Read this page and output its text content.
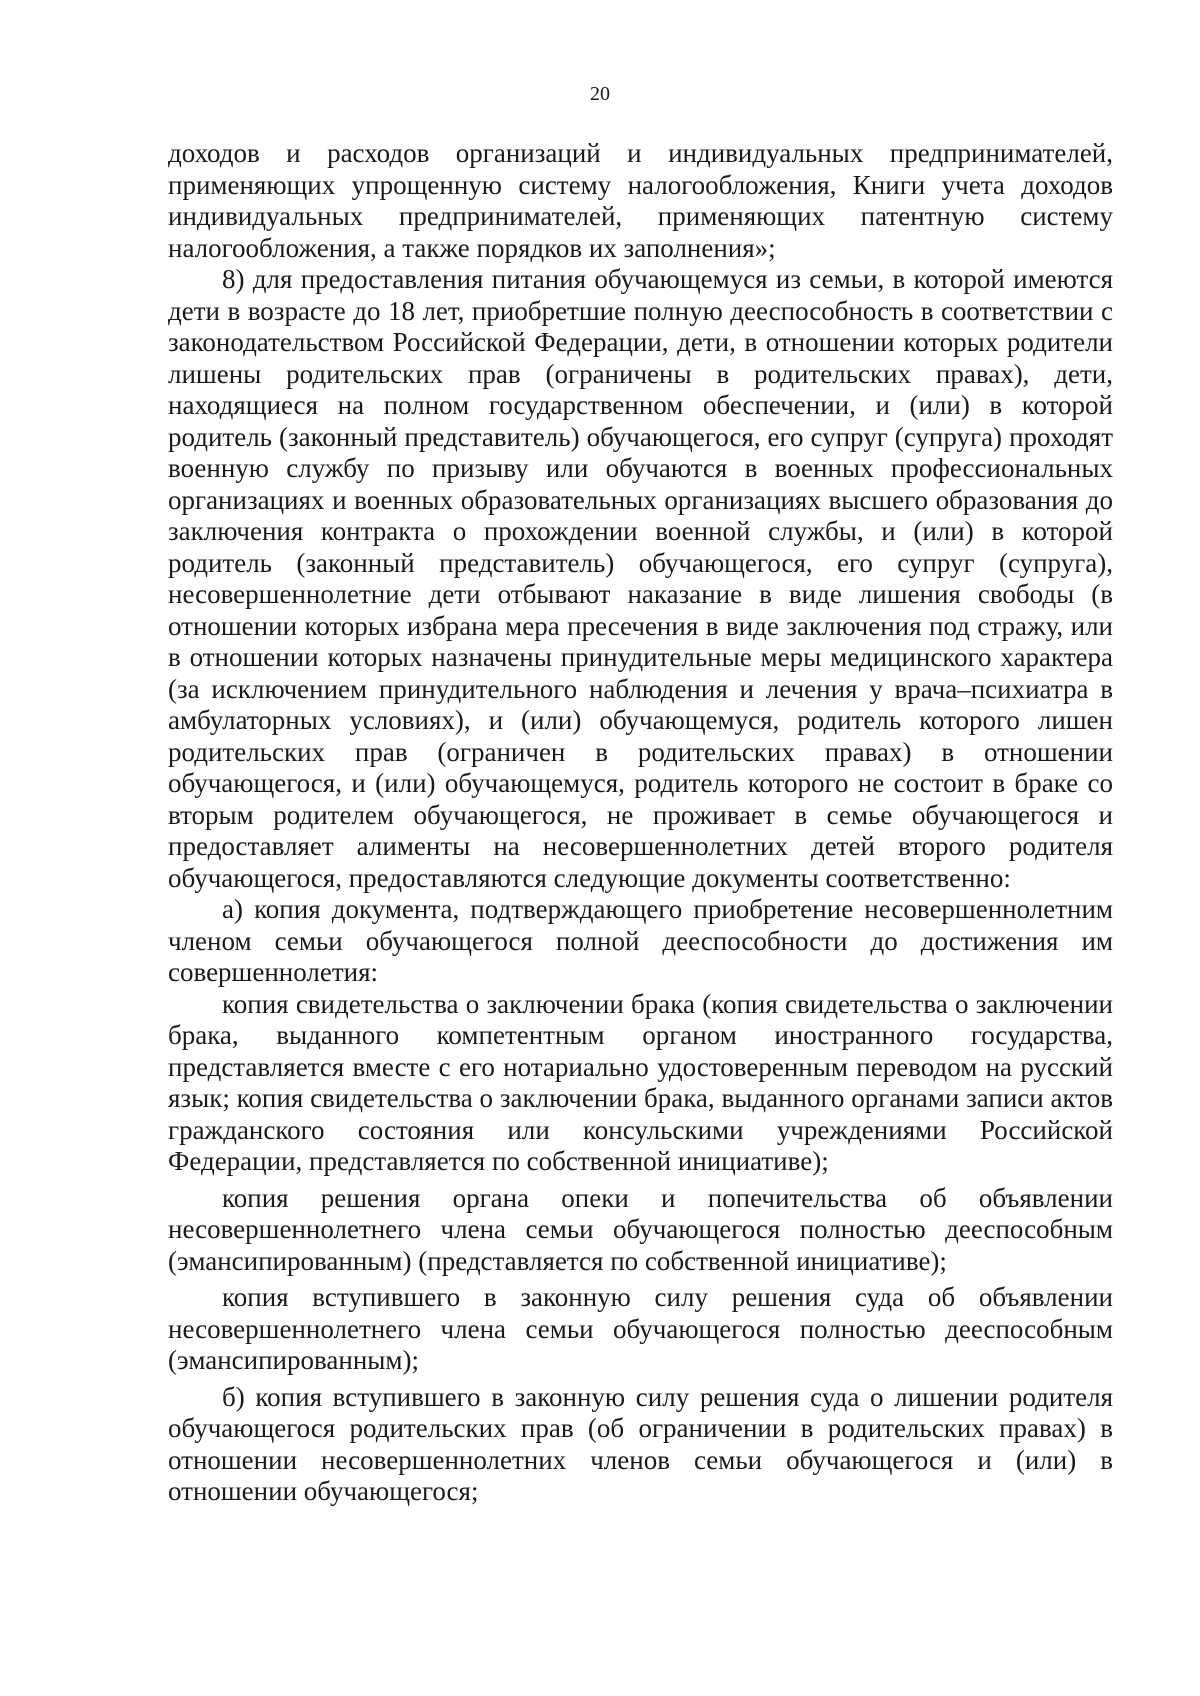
20

доходов и расходов организаций и индивидуальных предпринимателей, применяющих упрощенную систему налогообложения, Книги учета доходов индивидуальных предпринимателей, применяющих патентную систему налогообложения, а также порядков их заполнения»;

8) для предоставления питания обучающемуся из семьи, в которой имеются дети в возрасте до 18 лет, приобретшие полную дееспособность в соответствии с законодательством Российской Федерации, дети, в отношении которых родители лишены родительских прав (ограничены в родительских правах), дети, находящиеся на полном государственном обеспечении, и (или) в которой родитель (законный представитель) обучающегося, его супруг (супруга) проходят военную службу по призыву или обучаются в военных профессиональных организациях и военных образовательных организациях высшего образования до заключения контракта о прохождении военной службы, и (или) в которой родитель (законный представитель) обучающегося, его супруг (супруга), несовершеннолетние дети отбывают наказание в виде лишения свободы (в отношении которых избрана мера пресечения в виде заключения под стражу, или в отношении которых назначены принудительные меры медицинского характера (за исключением принудительного наблюдения и лечения у врача–психиатра в амбулаторных условиях), и (или) обучающемуся, родитель которого лишен родительских прав (ограничен в родительских правах) в отношении обучающегося, и (или) обучающемуся, родитель которого не состоит в браке со вторым родителем обучающегося, не проживает в семье обучающегося и предоставляет алименты на несовершеннолетних детей второго родителя обучающегося, предоставляются следующие документы соответственно:

а) копия документа, подтверждающего приобретение несовершеннолетним членом семьи обучающегося полной дееспособности до достижения им совершеннолетия:

копия свидетельства о заключении брака (копия свидетельства о заключении брака, выданного компетентным органом иностранного государства, представляется вместе с его нотариально удостоверенным переводом на русский язык; копия свидетельства о заключении брака, выданного органами записи актов гражданского состояния или консульскими учреждениями Российской Федерации, представляется по собственной инициативе);

копия решения органа опеки и попечительства об объявлении несовершеннолетнего члена семьи обучающегося полностью дееспособным (эмансипированным) (представляется по собственной инициативе);

копия вступившего в законную силу решения суда об объявлении несовершеннолетнего члена семьи обучающегося полностью дееспособным (эмансипированным);

б) копия вступившего в законную силу решения суда о лишении родителя обучающегося родительских прав (об ограничении в родительских правах) в отношении несовершеннолетних членов семьи обучающегося и (или) в отношении обучающегося;
